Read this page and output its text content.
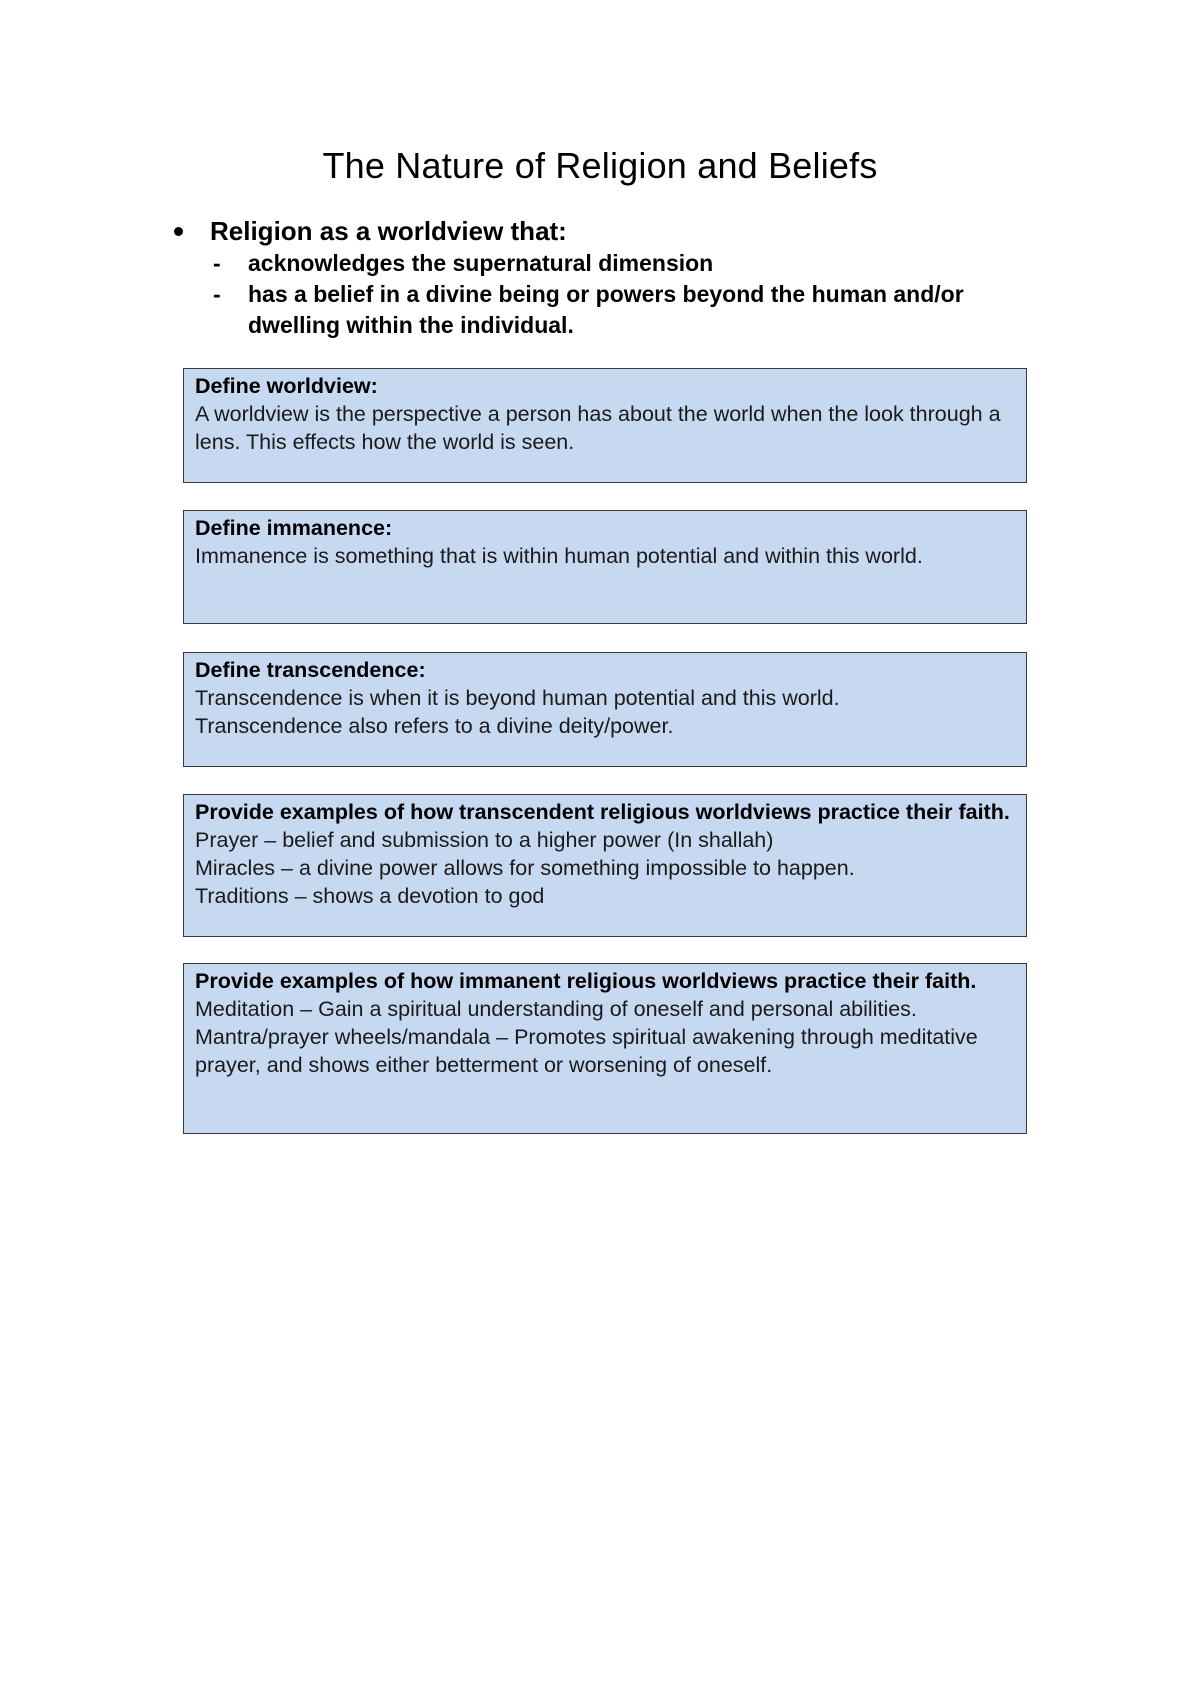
The Nature of Religion and Beliefs
Religion as a worldview that:
- acknowledges the supernatural dimension
- has a belief in a divine being or powers beyond the human and/or dwelling within the individual.
Define worldview:
A worldview is the perspective a person has about the world when the look through a lens. This effects how the world is seen.
Define immanence:
Immanence is something that is within human potential and within this world.
Define transcendence:
Transcendence is when it is beyond human potential and this world.
Transcendence also refers to a divine deity/power.
Provide examples of how transcendent religious worldviews practice their faith.
Prayer – belief and submission to a higher power (In shallah)
Miracles – a divine power allows for something impossible to happen.
Traditions – shows a devotion to god
Provide examples of how immanent religious worldviews practice their faith.
Meditation – Gain a spiritual understanding of oneself and personal abilities.
Mantra/prayer wheels/mandala – Promotes spiritual awakening through meditative prayer, and shows either betterment or worsening of oneself.
